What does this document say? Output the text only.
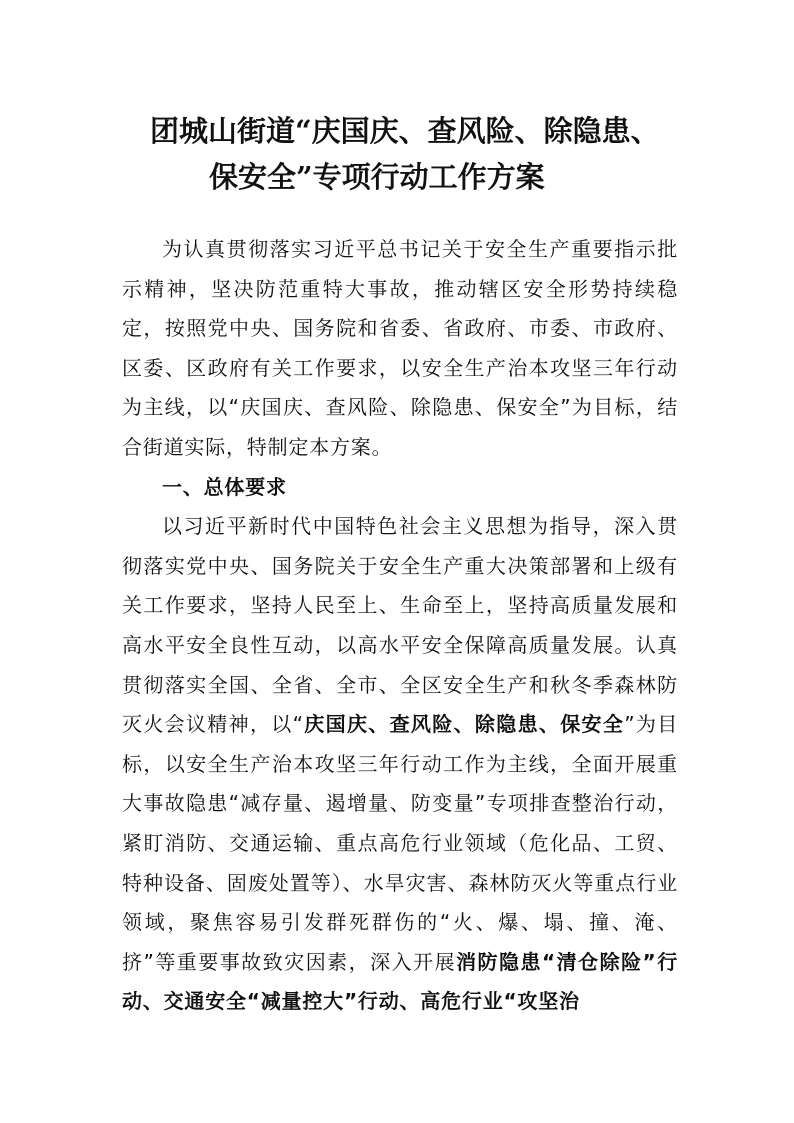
团城山街道“庆国庆、查风险、除隐患、
保安全”专项行动工作方案

为认真贯彻落实习近平总书记关于安全生产重要指示批示精神，坚决防范重特大事故，推动辖区安全形势持续稳定，按照党中央、国务院和省委、省政府、市委、市政府、区委、区政府有关工作要求，以安全生产治本攻坚三年行动为主线，以“庆国庆、查风险、除隐患、保安全”为目标，结合街道实际，特制定本方案。

一、总体要求

以习近平新时代中国特色社会主义思想为指导，深入贯彻落实党中央、国务院关于安全生产重大决策部署和上级有关工作要求，坚持人民至上、生命至上，坚持高质量发展和高水平安全良性互动，以高水平安全保障高质量发展。认真贯彻落实全国、全省、全市、全区安全生产和秋冬季森林防灭火会议精神，以“庆国庆、查风险、除隐患、保安全”为目标，以安全生产治本攻坚三年行动工作为主线，全面开展重大事故隐患“减存量、遏增量、防变量”专项排查整治行动，紧盯消防、交通运输、重点高危行业领域（危化品、工贸、特种设备、固废处置等）、水旱灾害、森林防灭火等重点行业领域，聚焦容易引发群死群伤的“火、爆、塌、撞、淹、挤”等重要事故致灾因素，深入开展消防隐患“清仓除险”行动、交通安全“减量控大”行动、高危行业“攻坚治
